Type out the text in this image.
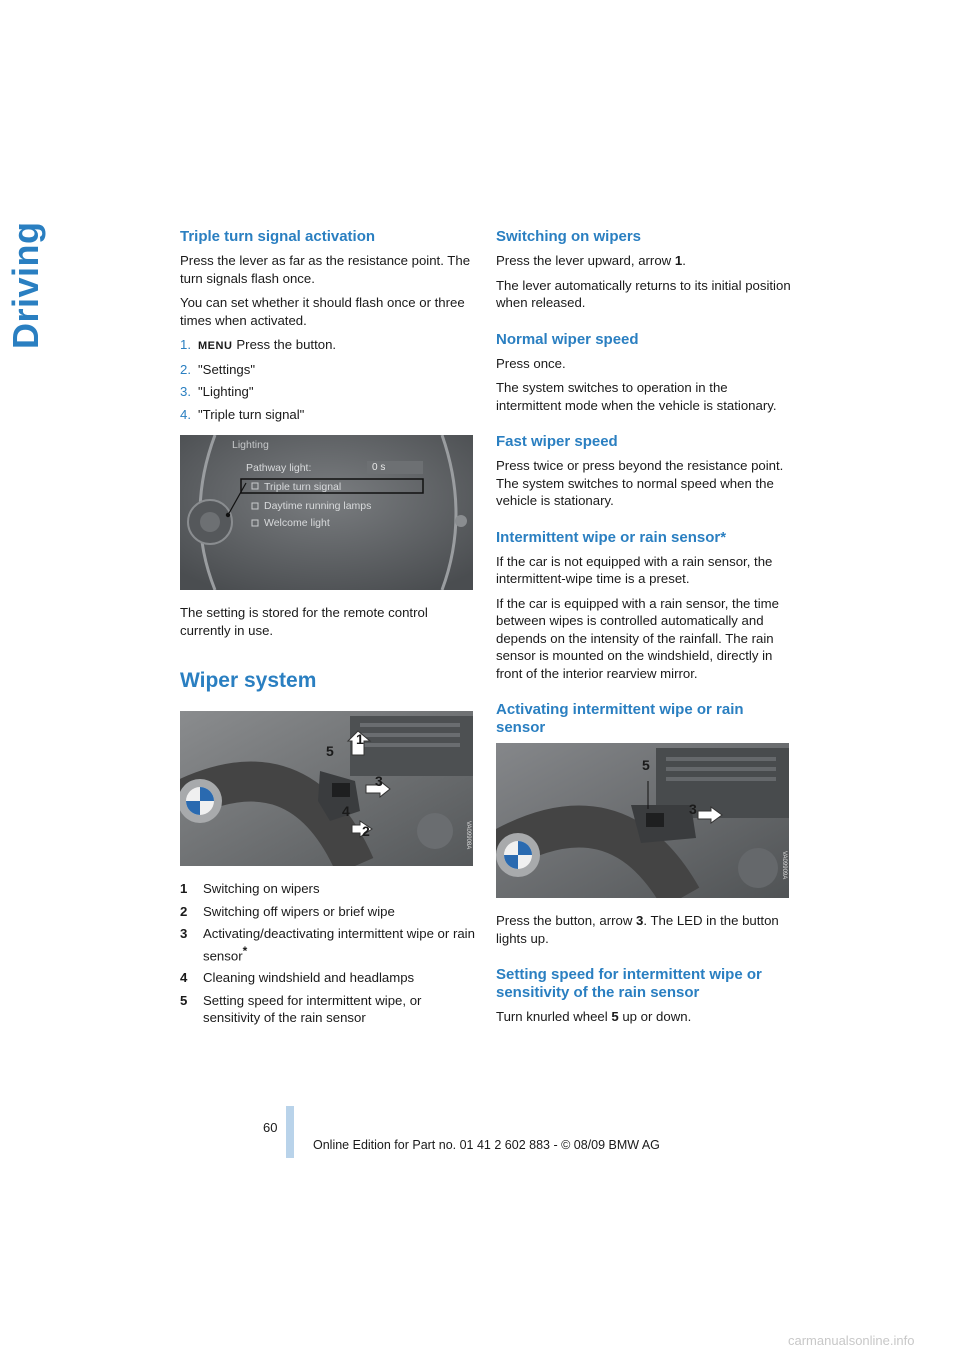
Driving	Triple turn signal activation

Press the lever as far as the resistance point. The turn signals flash once.

You can set whether it should flash once or three times when activated.

1. MENU Press the button.
2. "Settings"
3. "Lighting"
4. "Triple turn signal"
Lighting
Pathway light:	0 s
Triple turn signal
Daytime running lamps
Welcome light

The setting is stored for the remote control currently in use.

Wiper system
1
2
3
4
5
VA09908A
1	Switching on wipers
2	Switching off wipers or brief wipe
3	Activating/deactivating intermittent wipe or rain sensor*
4	Cleaning windshield and headlamps
5	Setting speed for intermittent wipe, or sensitivity of the rain sensor
Switching on wipers

Press the lever upward, arrow 1.

The lever automatically returns to its initial position when released.

Normal wiper speed

Press once.

The system switches to operation in the intermittent mode when the vehicle is stationary.

Fast wiper speed

Press twice or press beyond the resistance point.

The system switches to normal speed when the vehicle is stationary.

Intermittent wipe or rain sensor*

If the car is not equipped with a rain sensor, the intermittent-wipe time is a preset.

If the car is equipped with a rain sensor, the time between wipes is controlled automatically and depends on the intensity of the rainfall. The rain sensor is mounted on the windshield, directly in front of the interior rearview mirror.

Activating intermittent wipe or rain sensor
5
3
VA09909A

Press the button, arrow 3. The LED in the button lights up.

Setting speed for intermittent wipe or sensitivity of the rain sensor

Turn knurled wheel 5 up or down.

60
Online Edition for Part no. 01 41 2 602 883 - © 08/09 BMW AG
carmanualsonline.info
